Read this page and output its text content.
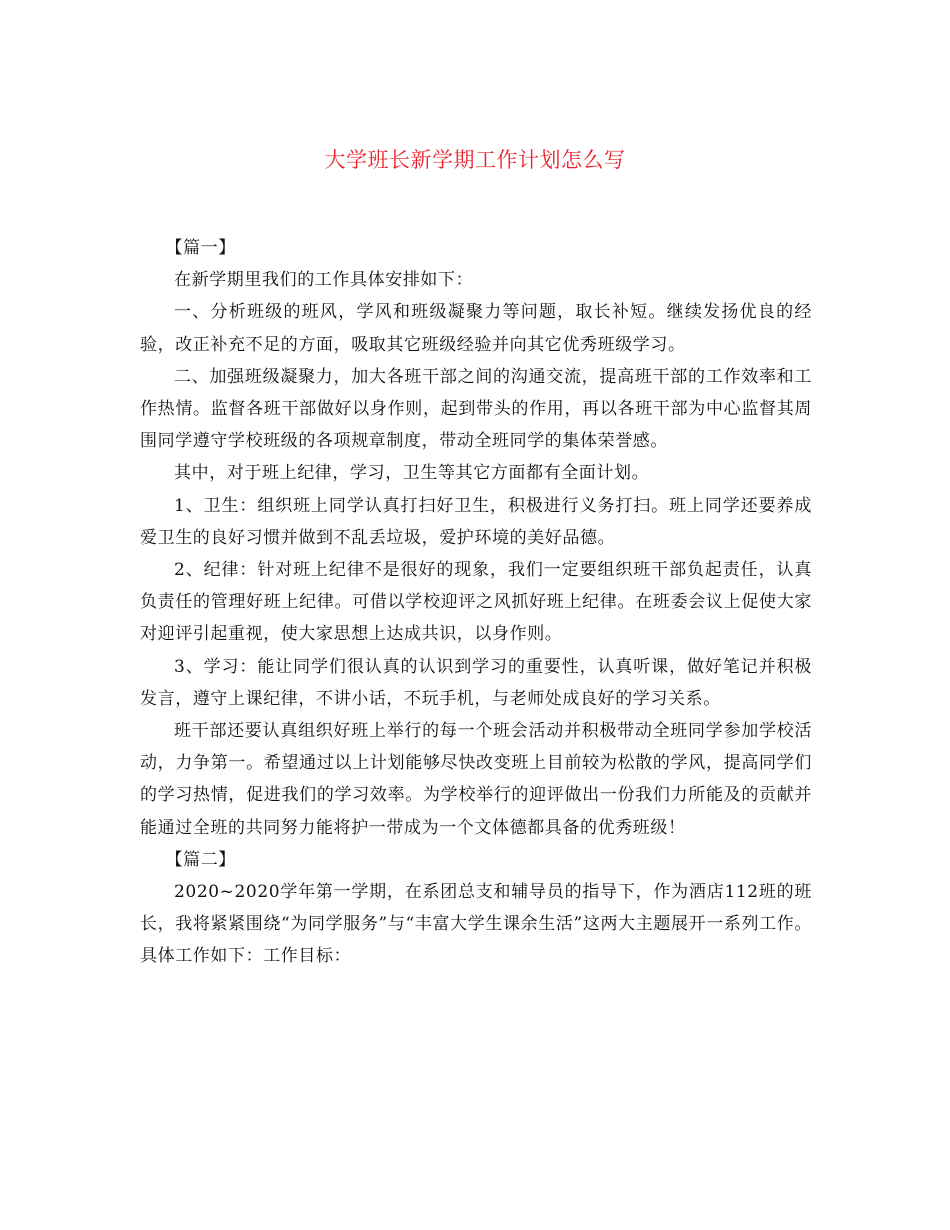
大学班长新学期工作计划怎么写

【篇一】

在新学期里我们的工作具体安排如下：

一、分析班级的班风，学风和班级凝聚力等问题，取长补短。继续发扬优良的经验，改正补充不足的方面，吸取其它班级经验并向其它优秀班级学习。

二、加强班级凝聚力，加大各班干部之间的沟通交流，提高班干部的工作效率和工作热情。监督各班干部做好以身作则，起到带头的作用，再以各班干部为中心监督其周围同学遵守学校班级的各项规章制度，带动全班同学的集体荣誉感。

其中，对于班上纪律，学习，卫生等其它方面都有全面计划。

1、卫生：组织班上同学认真打扫好卫生，积极进行义务打扫。班上同学还要养成爱卫生的良好习惯并做到不乱丢垃圾，爱护环境的美好品德。

2、纪律：针对班上纪律不是很好的现象，我们一定要组织班干部负起责任，认真负责任的管理好班上纪律。可借以学校迎评之风抓好班上纪律。在班委会议上促使大家对迎评引起重视，使大家思想上达成共识，以身作则。

3、学习：能让同学们很认真的认识到学习的重要性，认真听课，做好笔记并积极发言，遵守上课纪律，不讲小话，不玩手机，与老师处成良好的学习关系。

班干部还要认真组织好班上举行的每一个班会活动并积极带动全班同学参加学校活动，力争第一。希望通过以上计划能够尽快改变班上目前较为松散的学风，提高同学们的学习热情，促进我们的学习效率。为学校举行的迎评做出一份我们力所能及的贡献并能通过全班的共同努力能将护一带成为一个文体德都具备的优秀班级！

【篇二】

2020~2020学年第一学期，在系团总支和辅导员的指导下，作为酒店112班的班长，我将紧紧围绕“为同学服务”与“丰富大学生课余生活”这两大主题展开一系列工作。具体工作如下：工作目标：
